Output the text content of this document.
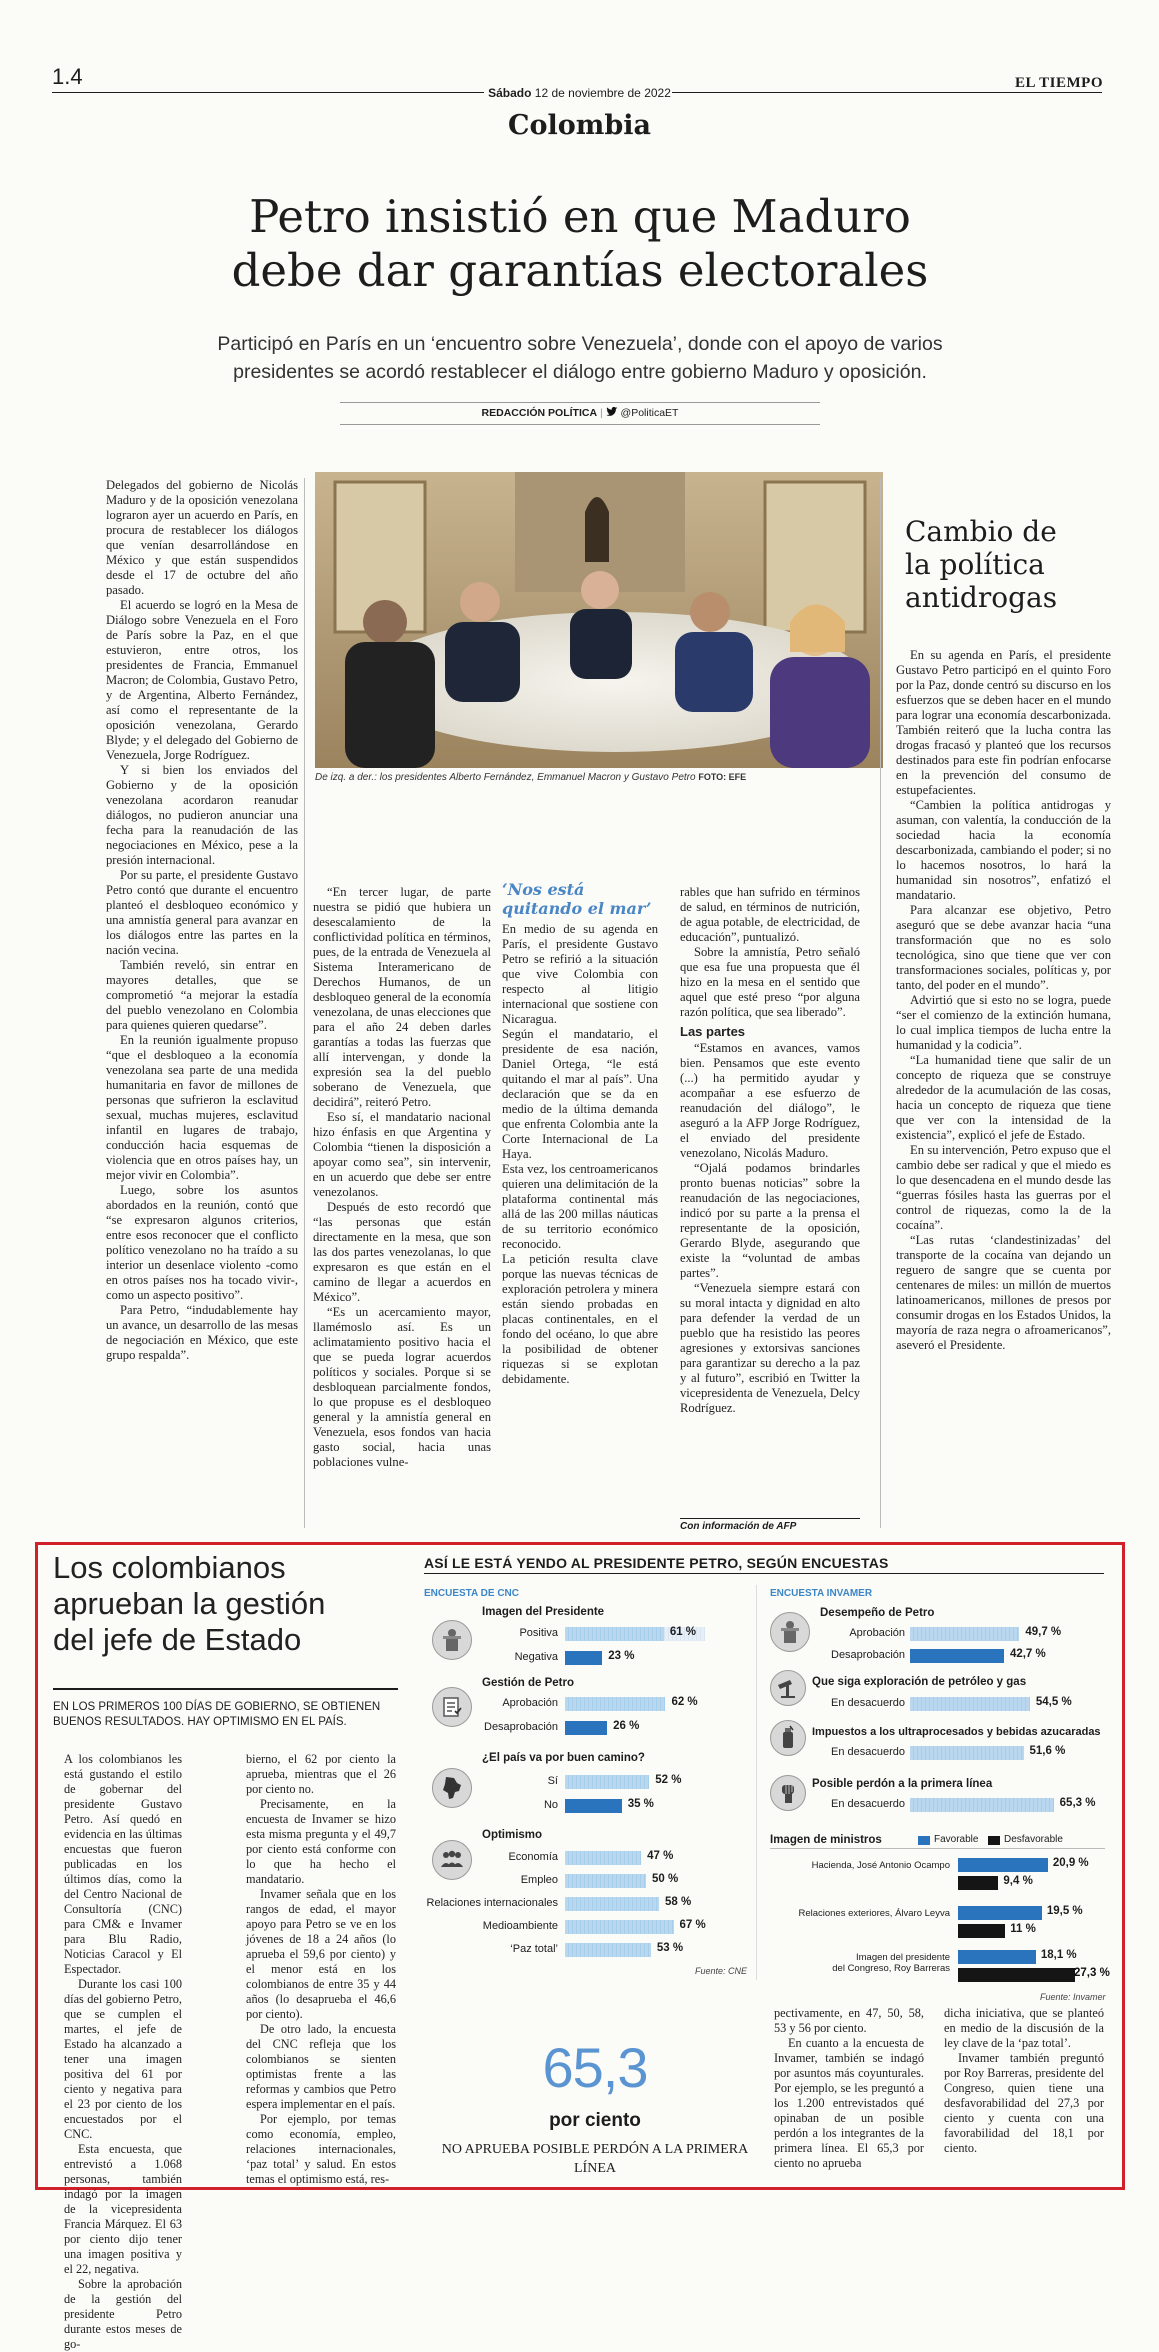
1.4
Sábado 12 de noviembre de 2022
EL TIEMPO
Colombia
Petro insistió en que Maduro
debe dar garantías electorales
Participó en París en un ‘encuentro sobre Venezuela’, donde con el apoyo de varios
presidentes se acordó restablecer el diálogo entre gobierno Maduro y oposición.
REDACCIÓN POLÍTICA |  @PoliticaET
De izq. a der.: los presidentes Alberto Fernández, Emmanuel Macron y Gustavo Petro FOTO: EFE

Delegados del gobierno de Nicolás Maduro y de la oposición venezolana lograron ayer un acuerdo en París, en procura de restablecer los diálogos que venían desarrollándose en México y que están suspendidos desde el 17 de octubre del año pasado.

El acuerdo se logró en la Mesa de Diálogo sobre Venezuela en el Foro de París sobre la Paz, en el que estuvieron, entre otros, los presidentes de Francia, Emmanuel Macron; de Colombia, Gustavo Petro, y de Argentina, Alberto Fernández, así como el representante de la oposición venezolana, Gerardo Blyde; y el delegado del Gobierno de Venezuela, Jorge Rodríguez.

Y si bien los enviados del Gobierno y de la oposición venezolana acordaron reanudar diálogos, no pudieron anunciar una fecha para la reanudación de las negociaciones en México, pese a la presión internacional.

Por su parte, el presidente Gustavo Petro contó que durante el encuentro planteó el desbloqueo económico y una amnistía general para avanzar en los diálogos entre las partes en la nación vecina.

También reveló, sin entrar en mayores detalles, que se comprometió “a mejorar la estadía del pueblo venezolano en Colombia para quienes quieren quedarse”.

En la reunión igualmente propuso “que el desbloqueo a la economía venezolana sea parte de una medida humanitaria en favor de millones de personas que sufrieron la esclavitud sexual, muchas mujeres, esclavitud infantil en lugares de trabajo, conducción hacia esquemas de violencia que en otros países hay, un mejor vivir en Colombia”.

Luego, sobre los asuntos abordados en la reunión, contó que “se expresaron algunos criterios, entre esos reconocer que el conflicto político venezolano no ha traído a su interior un desenlace violento -como en otros países nos ha tocado vivir-, como un aspecto positivo”.

Para Petro, “indudablemente hay un avance, un desarrollo de las mesas de negociación en México, que este grupo respalda”.

“En tercer lugar, de parte nuestra se pidió que hubiera un desescalamiento de la conflictividad política en términos, pues, de la entrada de Venezuela al Sistema Interamericano de Derechos Humanos, de un desbloqueo general de la economía venezolana, de unas elecciones que para el año 24 deben darles garantías a todas las fuerzas que allí intervengan, y donde la expresión sea la del pueblo soberano de Venezuela, que decidirá”, reiteró Petro.

Eso sí, el mandatario nacional hizo énfasis en que Argentina y Colombia “tienen la disposición a apoyar como sea”, sin intervenir, en un acuerdo que debe ser entre venezolanos.

Después de esto recordó que “las personas que están directamente en la mesa, que son las dos partes venezolanas, lo que expresaron es que están en el camino de llegar a acuerdos en México”.

“Es un acercamiento mayor, llamémoslo así. Es un aclimatamiento positivo hacia el que se pueda lograr acuerdos políticos y sociales. Porque si se desbloquean parcialmente fondos, lo que propuse es el desbloqueo general y la amnistía general en Venezuela, esos fondos van hacia gasto social, hacia unas poblaciones vulne-

‘Nos está quitando el mar’

En medio de su agenda en París, el presidente Gustavo Petro se refirió a la situación que vive Colombia con respecto al litigio internacional que sostiene con Nicaragua.

Según el mandatario, el presidente de esa nación, Daniel Ortega, “le está quitando el mar al país”. Una declaración que se da en medio de la última demanda que enfrenta Colombia ante la Corte Internacional de La Haya.

Esta vez, los centroamericanos quieren una delimitación de la plataforma continental más allá de las 200 millas náuticas de su territorio económico reconocido.

La petición resulta clave porque las nuevas técnicas de exploración petrolera y minera están siendo probadas en placas continentales, en el fondo del océano, lo que abre la posibilidad de obtener riquezas si se explotan debidamente.

rables que han sufrido en términos de salud, en términos de nutrición, de agua potable, de electricidad, de educación”, puntualizó.

Sobre la amnistía, Petro señaló que esa fue una propuesta que él hizo en la mesa en el sentido que aquel que esté preso “por alguna razón política, que sea liberado”.

Las partes

“Estamos en avances, vamos bien. Pensamos que este evento (...) ha permitido ayudar y acompañar a ese esfuerzo de reanudación del diálogo”, le aseguró a la AFP Jorge Rodríguez, el enviado del presidente venezolano, Nicolás Maduro.

“Ojalá podamos brindarles pronto buenas noticias” sobre la reanudación de las negociaciones, indicó por su parte a la prensa el representante de la oposición, Gerardo Blyde, asegurando que existe la “voluntad de ambas partes”.

“Venezuela siempre estará con su moral intacta y dignidad en alto para defender la verdad de un pueblo que ha resistido las peores agresiones y extorsivas sanciones para garantizar su derecho a la paz y al futuro”, escribió en Twitter la vicepresidenta de Venezuela, Delcy Rodríguez.

Con información de AFP
Cambio de
la política
antidrogas

En su agenda en París, el presidente Gustavo Petro participó en el quinto Foro por la Paz, donde centró su discurso en los esfuerzos que se deben hacer en el mundo para lograr una economía descarbonizada. También reiteró que la lucha contra las drogas fracasó y planteó que los recursos destinados para este fin podrían enfocarse en la prevención del consumo de estupefacientes.

“Cambien la política antidrogas y asuman, con valentía, la conducción de la sociedad hacia la economía descarbonizada, cambiando el poder; si no lo hacemos nosotros, lo hará la humanidad sin nosotros”, enfatizó el mandatario.

Para alcanzar ese objetivo, Petro aseguró que se debe avanzar hacia “una transformación que no es solo tecnológica, sino que tiene que ver con transformaciones sociales, políticas y, por tanto, del poder en el mundo”.

Advirtió que si esto no se logra, puede “ser el comienzo de la extinción humana, lo cual implica tiempos de lucha entre la humanidad y la codicia”.

“La humanidad tiene que salir de un concepto de riqueza que se construye alrededor de la acumulación de las cosas, hacia un concepto de riqueza que tiene que ver con la intensidad de la existencia”, explicó el jefe de Estado.

En su intervención, Petro expuso que el cambio debe ser radical y que el miedo es lo que desencadena en el mundo desde las “guerras fósiles hasta las guerras por el control de riquezas, como la de la cocaína”.

“Las rutas ‘clandestinizadas’ del transporte de la cocaína van dejando un reguero de sangre que se cuenta por centenares de miles: un millón de muertos latinoamericanos, millones de presos por consumir drogas en los Estados Unidos, la mayoría de raza negra o afroamericanos”, aseveró el Presidente.

Los colombianos
aprueban la gestión
del jefe de Estado
EN LOS PRIMEROS 100 DÍAS DE GOBIERNO, SE OBTIENEN BUENOS RESULTADOS. HAY OPTIMISMO EN EL PAÍS.

A los colombianos les está gustando el estilo de gobernar del presidente Gustavo Petro. Así quedó en evidencia en las últimas encuestas que fueron publicadas en los últimos días, como la del Centro Nacional de Consultoría (CNC) para CM& e Invamer para Blu Radio, Noticias Caracol y El Espectador.

Durante los casi 100 días del gobierno Petro, que se cumplen el martes, el jefe de Estado ha alcanzado a tener una imagen positiva del 61 por ciento y negativa para el 23 por ciento de los encuestados por el CNC.

Esta encuesta, que entrevistó a 1.068 personas, también indagó por la imagen de la vicepresidenta Francia Márquez. El 63 por ciento dijo tener una imagen positiva y el 22, negativa.

Sobre la aprobación de la gestión del presidente Petro durante estos meses de go-

bierno, el 62 por ciento la aprueba, mientras que el 26 por ciento no.

Precisamente, en la encuesta de Invamer se hizo esta misma pregunta y el 49,7 por ciento está conforme con lo que ha hecho el mandatario.

Invamer señala que en los rangos de edad, el mayor apoyo para Petro se ve en los jóvenes de 18 a 24 años (lo aprueba el 59,6 por ciento) y el menor está en los colombianos de entre 35 y 44 años (lo desaprueba el 46,6 por ciento).

De otro lado, la encuesta del CNC refleja que los colombianos se sienten optimistas frente a las reformas y cambios que Petro espera implementar en el país.

Por ejemplo, por temas como economía, empleo, relaciones internacionales, ‘paz total’ y salud. En estos temas el optimismo está, res-

ASÍ LE ESTÁ YENDO AL PRESIDENTE PETRO, SEGÚN ENCUESTAS
ENCUESTA DE CNC
Imagen del Presidente
Positiva	61 %
Negativa	23 %
Gestión de Petro
Aprobación	62 %
Desaprobación	26 %
¿El país va por buen camino?
Sí	52 %
No	35 %
Optimismo
Economía	47 %
Empleo	50 %
Relaciones internacionales	58 %
Medioambiente	67 %
‘Paz total’	53 %
Fuente: CNE
ENCUESTA INVAMER
Desempeño de Petro
Aprobación	49,7 %
Desaprobación	42,7 %
Que siga exploración de petróleo y gas
En desacuerdo	54,5 %
Impuestos a los ultraprocesados y bebidas azucaradas
En desacuerdo	51,6 %
Posible perdón a la primera línea
En desacuerdo	65,3 %
Imagen de ministros	Favorable	Desfavorable
Hacienda, José Antonio Ocampo	20,9 %
9,4 %
Relaciones exteriores, Álvaro Leyva	19,5 %
11 %
Imagen del presidente
del Congreso, Roy Barreras
18,1 %
27,3 %
Fuente: Invamer
65,3
por ciento
NO APRUEBA POSIBLE PERDÓN A LA PRIMERA LÍNEA

pectivamente, en 47, 50, 58, 53 y 56 por ciento.

En cuanto a la encuesta de Invamer, también se indagó por asuntos más coyunturales. Por ejemplo, se les preguntó a los 1.200 entrevistados qué opinaban de un posible perdón a los integrantes de la primera línea. El 65,3 por ciento no aprueba

dicha iniciativa, que se planteó en medio de la discusión de la ley clave de la ‘paz total’.

Invamer también preguntó por Roy Barreras, presidente del Congreso, quien tiene una desfavorabilidad del 27,3 por ciento y cuenta con una favorabilidad del 18,1 por ciento.
